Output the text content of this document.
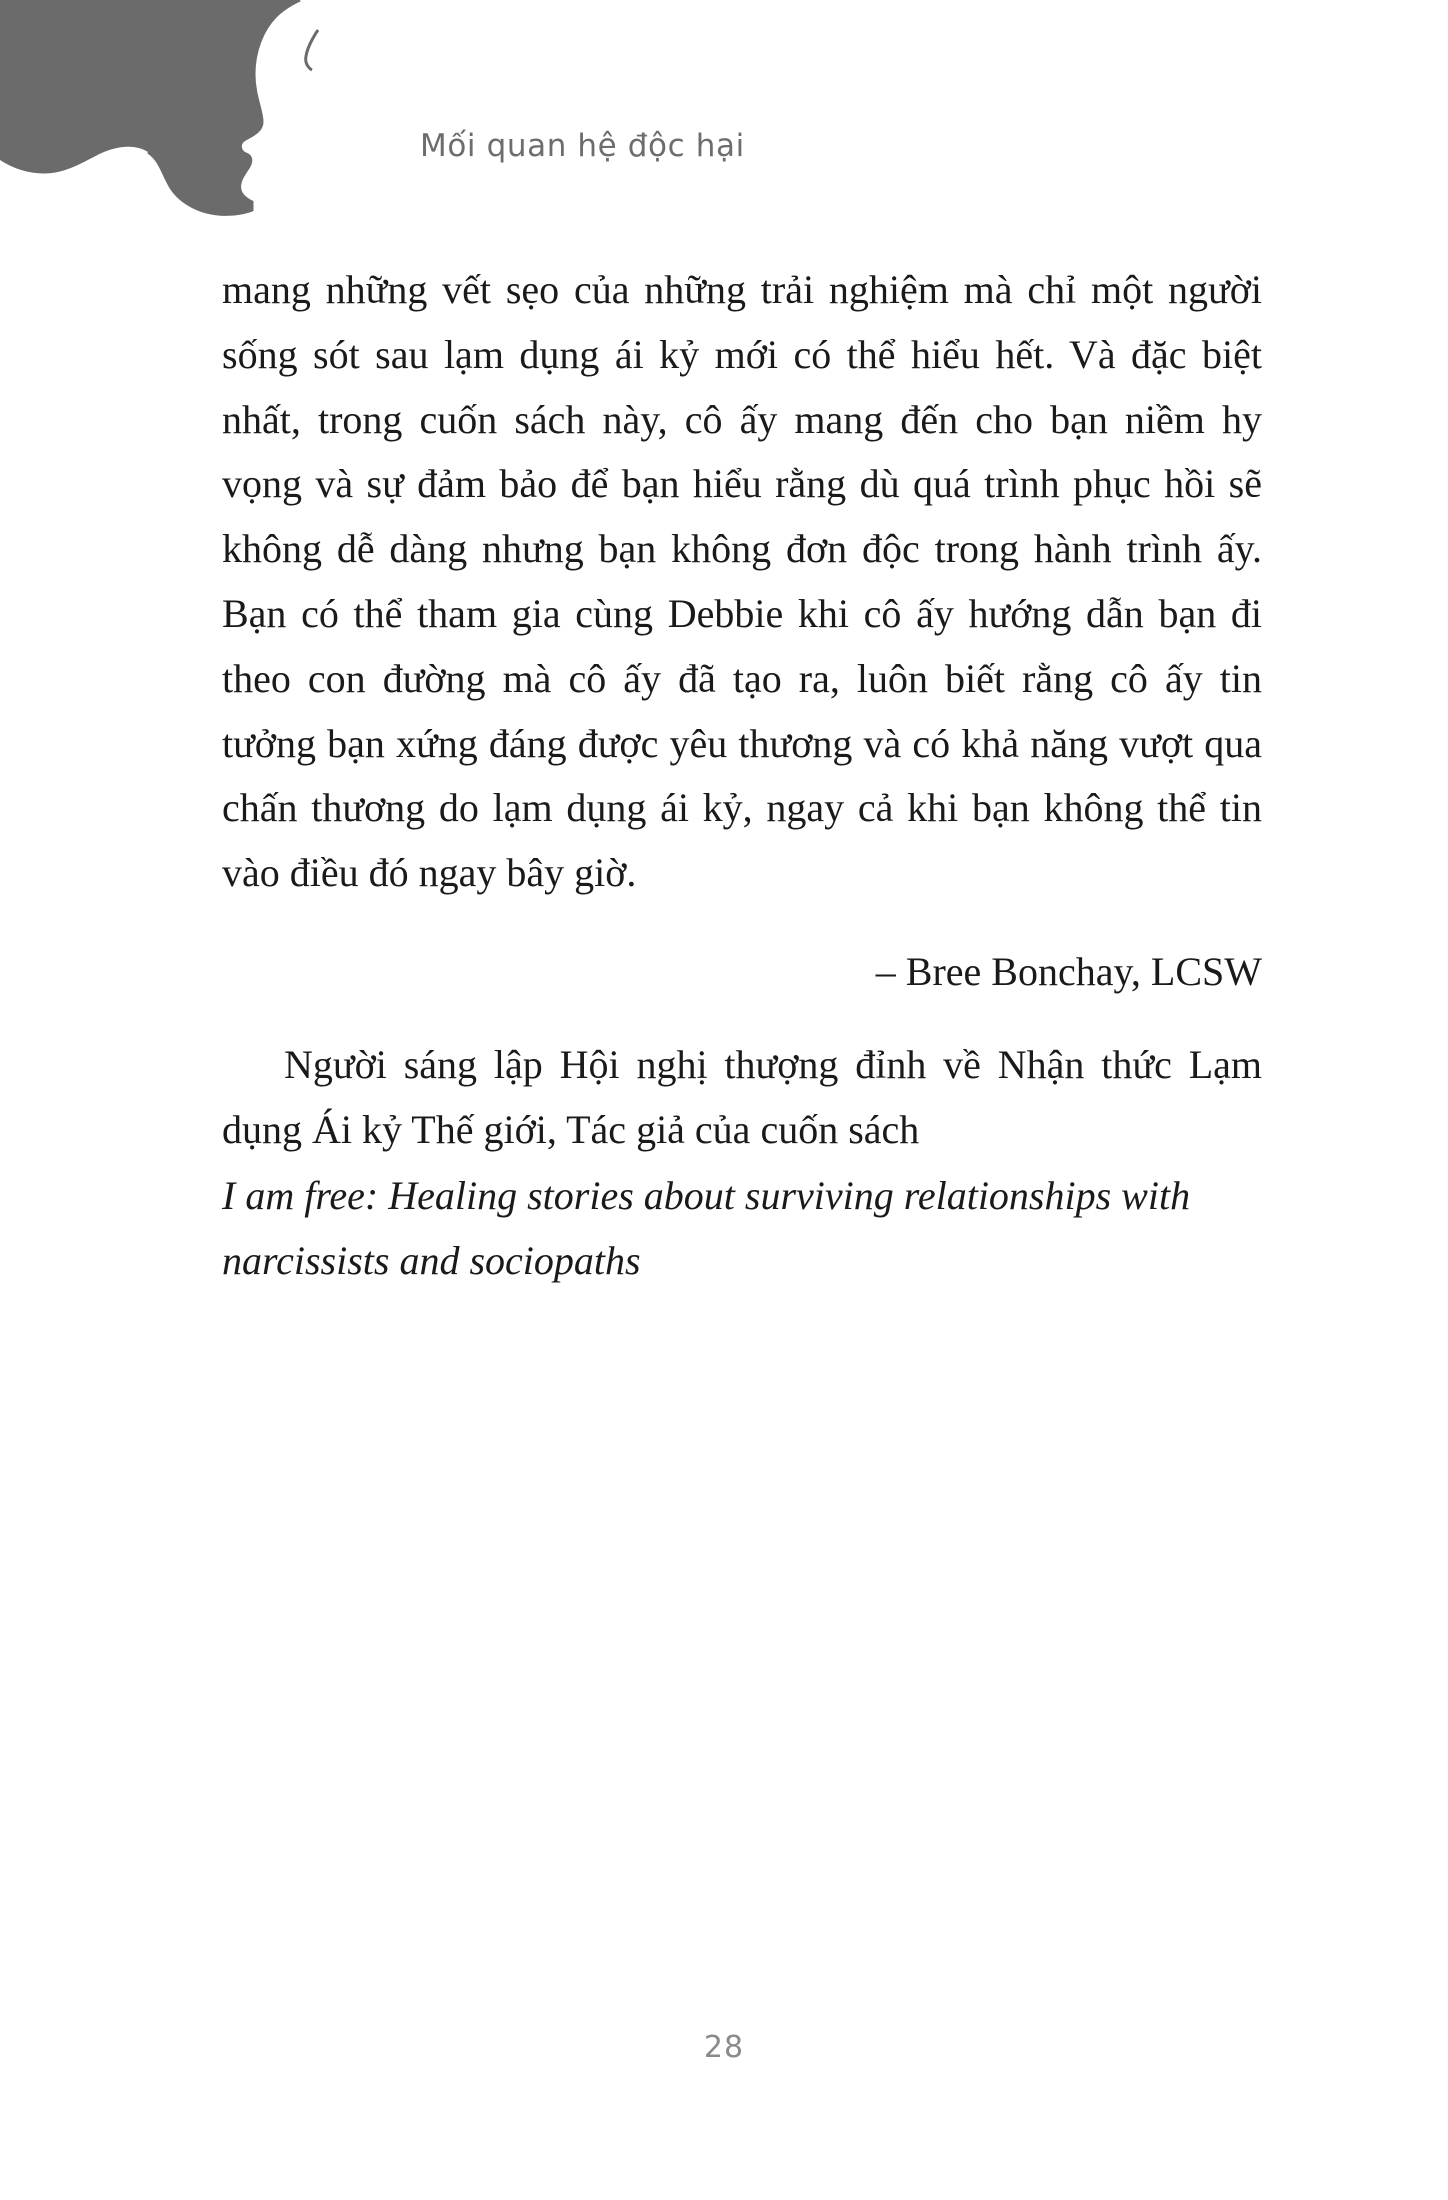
Mối quan hệ độc hại

mang những vết sẹo của những trải nghiệm mà chỉ một người sống sót sau lạm dụng ái kỷ mới có thể hiểu hết. Và đặc biệt nhất, trong cuốn sách này, cô ấy mang đến cho bạn niềm hy vọng và sự đảm bảo để bạn hiểu rằng dù quá trình phục hồi sẽ không dễ dàng nhưng bạn không đơn độc trong hành trình ấy. Bạn có thể tham gia cùng Debbie khi cô ấy hướng dẫn bạn đi theo con đường mà cô ấy đã tạo ra, luôn biết rằng cô ấy tin tưởng bạn xứng đáng được yêu thương và có khả năng vượt qua chấn thương do lạm dụng ái kỷ, ngay cả khi bạn không thể tin vào điều đó ngay bây giờ.

– Bree Bonchay, LCSW

Người sáng lập Hội nghị thượng đỉnh về Nhận thức Lạm dụng Ái kỷ Thế giới, Tác giả của cuốn sách

I am free: Healing stories about surviving relationships with narcissists and sociopaths

28
